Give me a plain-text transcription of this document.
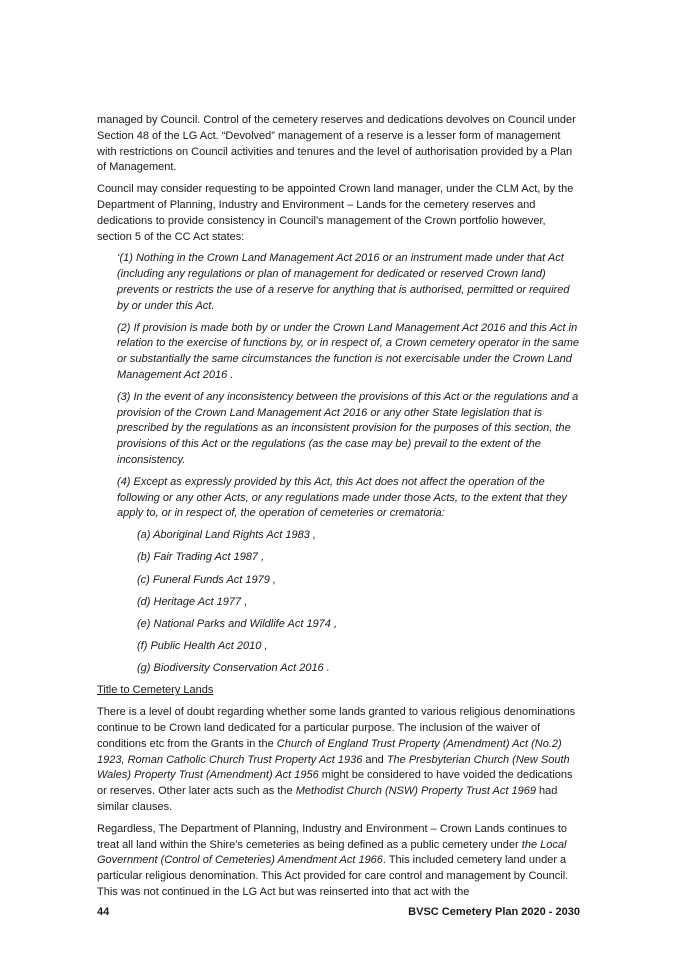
managed by Council. Control of the cemetery reserves and dedications devolves on Council under Section 48 of the LG Act. “Devolved” management of a reserve is a lesser form of management with restrictions on Council activities and tenures and the level of authorisation provided by a Plan of Management.

Council may consider requesting to be appointed Crown land manager, under the CLM Act, by the Department of Planning, Industry and Environment – Lands for the cemetery reserves and dedications to provide consistency in Council’s management of the Crown portfolio however, section 5 of the CC Act states:

‘(1) Nothing in the Crown Land Management Act 2016 or an instrument made under that Act (including any regulations or plan of management for dedicated or reserved Crown land) prevents or restricts the use of a reserve for anything that is authorised, permitted or required by or under this Act.

(2) If provision is made both by or under the Crown Land Management Act 2016 and this Act in relation to the exercise of functions by, or in respect of, a Crown cemetery operator in the same or substantially the same circumstances the function is not exercisable under the Crown Land Management Act 2016 .

(3) In the event of any inconsistency between the provisions of this Act or the regulations and a provision of the Crown Land Management Act 2016 or any other State legislation that is prescribed by the regulations as an inconsistent provision for the purposes of this section, the provisions of this Act or the regulations (as the case may be) prevail to the extent of the inconsistency.

(4) Except as expressly provided by this Act, this Act does not affect the operation of the following or any other Acts, or any regulations made under those Acts, to the extent that they apply to, or in respect of, the operation of cemeteries or crematoria:

(a) Aboriginal Land Rights Act 1983 ,
(b) Fair Trading Act 1987 ,
(c) Funeral Funds Act 1979 ,
(d) Heritage Act 1977 ,
(e) National Parks and Wildlife Act 1974 ,
(f) Public Health Act 2010 ,
(g) Biodiversity Conservation Act 2016 .

Title to Cemetery Lands

There is a level of doubt regarding whether some lands granted to various religious denominations continue to be Crown land dedicated for a particular purpose. The inclusion of the waiver of conditions etc from the Grants in the Church of England Trust Property (Amendment) Act (No.2) 1923, Roman Catholic Church Trust Property Act 1936 and The Presbyterian Church (New South Wales) Property Trust (Amendment) Act 1956 might be considered to have voided the dedications or reserves. Other later acts such as the Methodist Church (NSW) Property Trust Act 1969 had similar clauses.

Regardless, The Department of Planning, Industry and Environment – Crown Lands continues to treat all land within the Shire’s cemeteries as being defined as a public cemetery under the Local Government (Control of Cemeteries) Amendment Act 1966. This included cemetery land under a particular religious denomination. This Act provided for care control and management by Council. This was not continued in the LG Act but was reinserted into that act with the

44	BVSC Cemetery Plan 2020 - 2030
